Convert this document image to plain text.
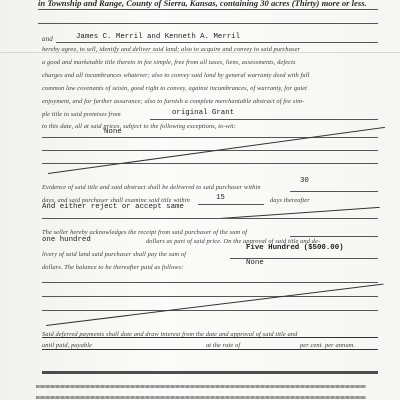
in Township and Range, County of Sierra, Kansas, containing 30 acres (Thirty) more or less.
and	James C. Merril and Kenneth A. Merril
hereby agree, to sell, identify and deliver said land; also to acquire and convey to said purchaser
a good and marketable title thereto in fee simple, free from all taxes, liens, assessments, defects
charges and all incumbrances whatever; also to convey said land by general warranty deed with full
common law covenants of seisin, good right to convey, against incumbrances, of warranty, for quiet
enjoyment, and for further assurance; also to furnish a complete merchantable abstract of fee sim-
ple title to said premises from	original Grant
to this date, all at said prices, subject to the following exceptions, to-wit:
None
30
Evidence of said title and said abstract shall be delivered to said purchaser within
days, and said purchaser shall examine said title within	15	days thereafter
And either reject or accept same
The seller hereby acknowledges the receipt from said purchaser of the sum of
one hundred	dollars as part of said price. On the approval of said title and de-
livery of said land said purchaser shall pay the sum of
Five Hundred ($500.00)
dollars. The balance to be thereafter paid as follows:
None
Said deferred payments shall date and draw interest from the date and approval of said title and
until paid, payable	at the rate of	per cent. per annum.
